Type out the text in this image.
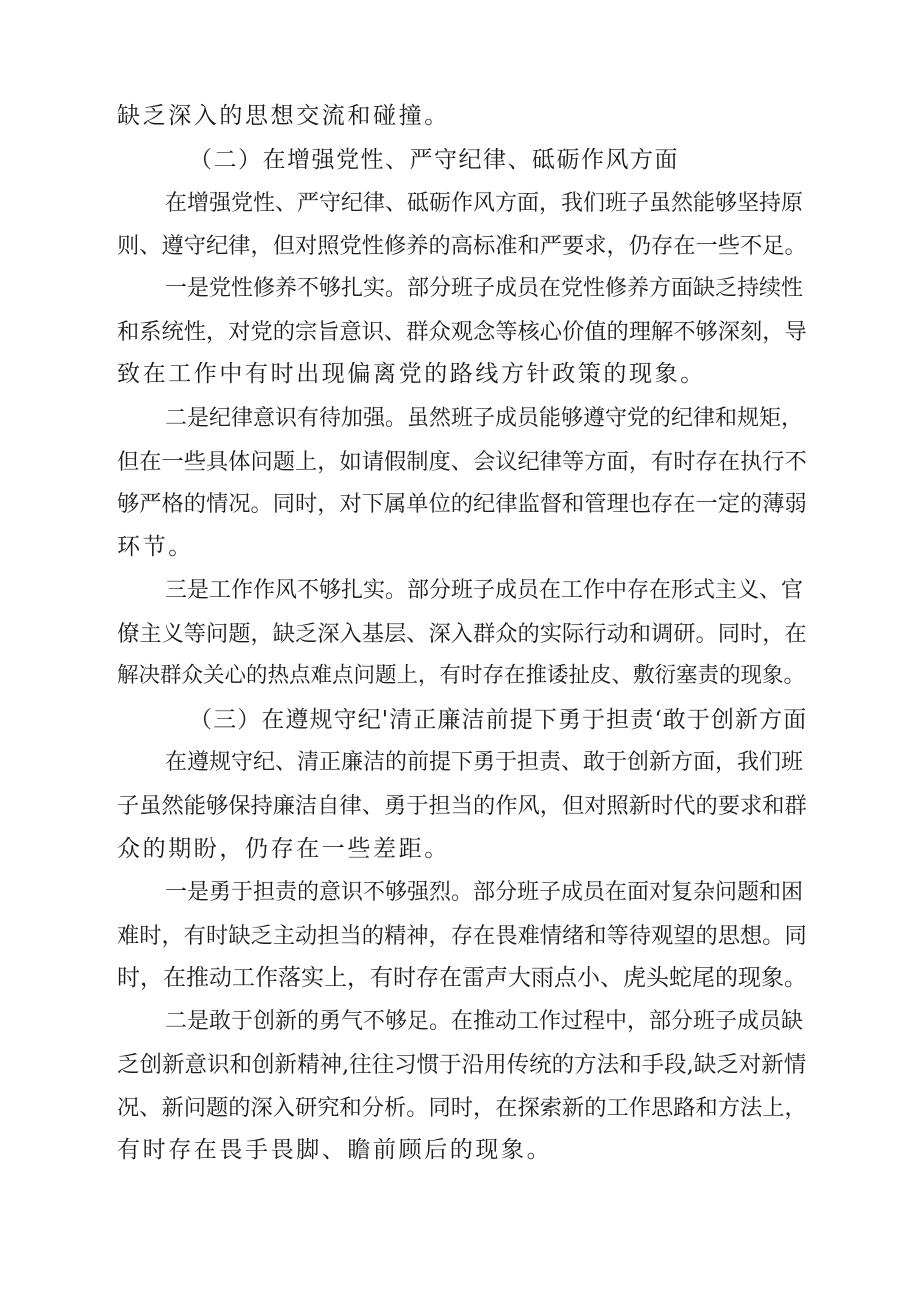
缺乏深入的思想交流和碰撞。
（二）在增强党性、严守纪律、砥砺作风方面
在增强党性、严守纪律、砥砺作风方面，我们班子虽然能够坚持原
则、遵守纪律，但对照党性修养的高标准和严要求，仍存在一些不足。
一是党性修养不够扎实。部分班子成员在党性修养方面缺乏持续性
和系统性，对党的宗旨意识、群众观念等核心价值的理解不够深刻，导
致在工作中有时出现偏离党的路线方针政策的现象。
二是纪律意识有待加强。虽然班子成员能够遵守党的纪律和规矩，
但在一些具体问题上，如请假制度、会议纪律等方面，有时存在执行不
够严格的情况。同时，对下属单位的纪律监督和管理也存在一定的薄弱
环节。
三是工作作风不够扎实。部分班子成员在工作中存在形式主义、官
僚主义等问题，缺乏深入基层、深入群众的实际行动和调研。同时，在
解决群众关心的热点难点问题上，有时存在推诿扯皮、敷衍塞责的现象。
（三）在遵规守纪'清正廉洁前提下勇于担责‘敢于创新方面
在遵规守纪、清正廉洁的前提下勇于担责、敢于创新方面，我们班
子虽然能够保持廉洁自律、勇于担当的作风，但对照新时代的要求和群
众的期盼，仍存在一些差距。
一是勇于担责的意识不够强烈。部分班子成员在面对复杂问题和困
难时，有时缺乏主动担当的精神，存在畏难情绪和等待观望的思想。同
时，在推动工作落实上，有时存在雷声大雨点小、虎头蛇尾的现象。
二是敢于创新的勇气不够足。在推动工作过程中，部分班子成员缺
乏创新意识和创新精神,往往习惯于沿用传统的方法和手段,缺乏对新情
况、新问题的深入研究和分析。同时，在探索新的工作思路和方法上，
有时存在畏手畏脚、瞻前顾后的现象。
